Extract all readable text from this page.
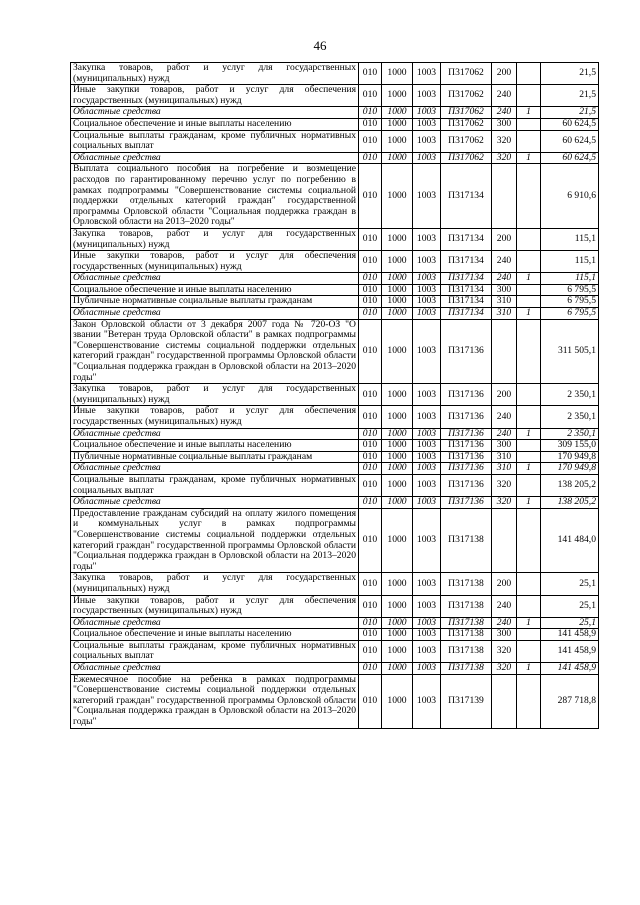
46
Закупка товаров, работ и услуг для государственных (муниципальных) нужд	010	1000	1003	П317062	200		21,5
Иные закупки товаров, работ и услуг для обеспечения государственных (муниципальных) нужд	010	1000	1003	П317062	240		21,5
Областные средства	010	1000	1003	П317062	240	1	21,5
Социальное обеспечение и иные выплаты населению	010	1000	1003	П317062	300		60 624,5
Социальные выплаты гражданам, кроме публичных нормативных социальных выплат	010	1000	1003	П317062	320		60 624,5
Областные средства	010	1000	1003	П317062	320	1	60 624,5
Выплата социального пособия на погребение и возмещение расходов по гарантированному перечню услуг по погребению в рамках подпрограммы "Совершенствование системы социальной поддержки отдельных категорий граждан" государственной программы Орловской области "Социальная поддержка граждан в Орловской области на 2013–2020 годы"	010	1000	1003	П317134			6 910,6
Закупка товаров, работ и услуг для государственных (муниципальных) нужд	010	1000	1003	П317134	200		115,1
Иные закупки товаров, работ и услуг для обеспечения государственных (муниципальных) нужд	010	1000	1003	П317134	240		115,1
Областные средства	010	1000	1003	П317134	240	1	115,1
Социальное обеспечение и иные выплаты населению	010	1000	1003	П317134	300		6 795,5
Публичные нормативные социальные выплаты гражданам	010	1000	1003	П317134	310		6 795,5
Областные средства	010	1000	1003	П317134	310	1	6 795,5
Закон Орловской области от 3 декабря 2007 года № 720-ОЗ "О звании "Ветеран труда Орловской области" в рамках подпрограммы "Совершенствование системы социальной поддержки отдельных категорий граждан" государственной программы Орловской области "Социальная поддержка граждан в Орловской области на 2013–2020 годы"	010	1000	1003	П317136			311 505,1
Закупка товаров, работ и услуг для государственных (муниципальных) нужд	010	1000	1003	П317136	200		2 350,1
Иные закупки товаров, работ и услуг для обеспечения государственных (муниципальных) нужд	010	1000	1003	П317136	240		2 350,1
Областные средства	010	1000	1003	П317136	240	1	2 350,1
Социальное обеспечение и иные выплаты населению	010	1000	1003	П317136	300		309 155,0
Публичные нормативные социальные выплаты гражданам	010	1000	1003	П317136	310		170 949,8
Областные средства	010	1000	1003	П317136	310	1	170 949,8
Социальные выплаты гражданам, кроме публичных нормативных социальных выплат	010	1000	1003	П317136	320		138 205,2
Областные средства	010	1000	1003	П317136	320	1	138 205,2
Предоставление гражданам субсидий на оплату жилого помещения и коммунальных услуг в рамках подпрограммы "Совершенствование системы социальной поддержки отдельных категорий граждан" государственной программы Орловской области "Социальная поддержка граждан в Орловской области на 2013–2020 годы"	010	1000	1003	П317138			141 484,0
Закупка товаров, работ и услуг для государственных (муниципальных) нужд	010	1000	1003	П317138	200		25,1
Иные закупки товаров, работ и услуг для обеспечения государственных (муниципальных) нужд	010	1000	1003	П317138	240		25,1
Областные средства	010	1000	1003	П317138	240	1	25,1
Социальное обеспечение и иные выплаты населению	010	1000	1003	П317138	300		141 458,9
Социальные выплаты гражданам, кроме публичных нормативных социальных выплат	010	1000	1003	П317138	320		141 458,9
Областные средства	010	1000	1003	П317138	320	1	141 458,9
Ежемесячное пособие на ребенка в рамках подпрограммы "Совершенствование системы социальной поддержки отдельных категорий граждан" государственной программы Орловской области "Социальная поддержка граждан в Орловской области на 2013–2020 годы"	010	1000	1003	П317139			287 718,8
